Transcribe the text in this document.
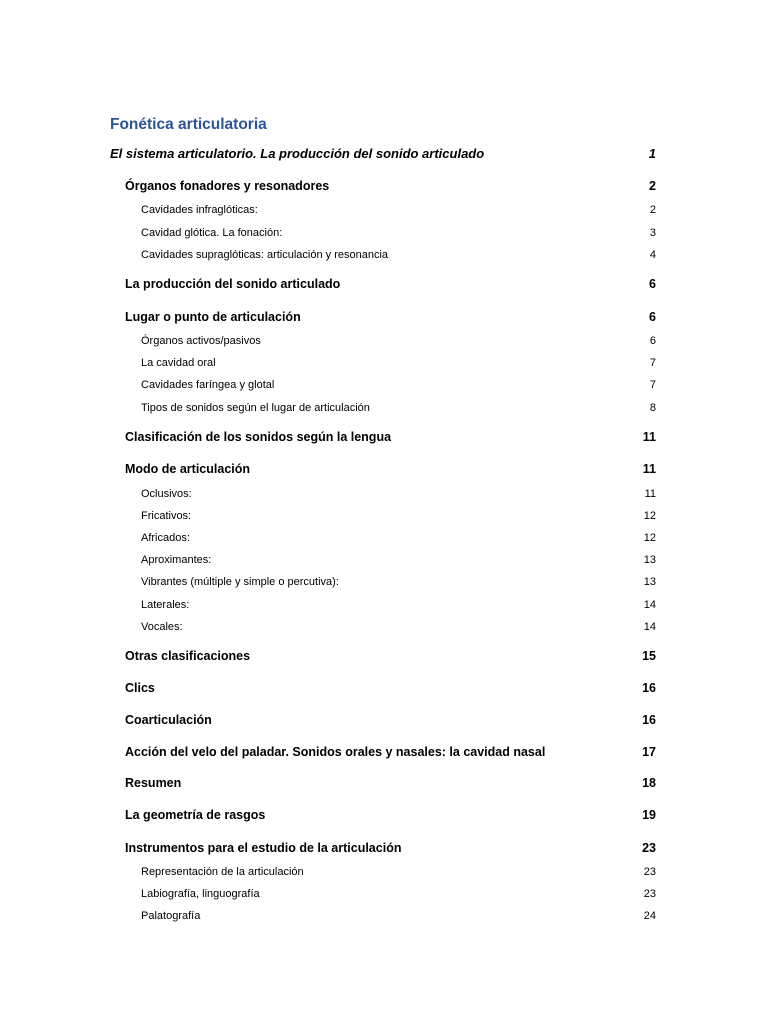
Fonética articulatoria
El sistema articulatorio. La producción del sonido articulado	1
Órganos fonadores y resonadores	2
Cavidades infraglóticas:	2
Cavidad glótica. La fonación:	3
Cavidades supraglóticas: articulación y resonancia	4
La producción del sonido articulado	6
Lugar o punto de articulación	6
Órganos activos/pasivos	6
La cavidad oral	7
Cavidades faríngea y glotal	7
Tipos de sonidos según el lugar de articulación	8
Clasificación de los sonidos según la lengua	11
Modo de articulación	11
Oclusivos:	11
Fricativos:	12
Africados:	12
Aproximantes:	13
Vibrantes (múltiple y simple o percutiva):	13
Laterales:	14
Vocales:	14
Otras clasificaciones	15
Clics	16
Coarticulación	16
Acción del velo del paladar. Sonidos orales y nasales: la cavidad nasal	17
Resumen	18
La geometría de rasgos	19
Instrumentos para el estudio de la articulación	23
Representación de la articulación	23
Labiografía, linguografía	23
Palatografía	24
